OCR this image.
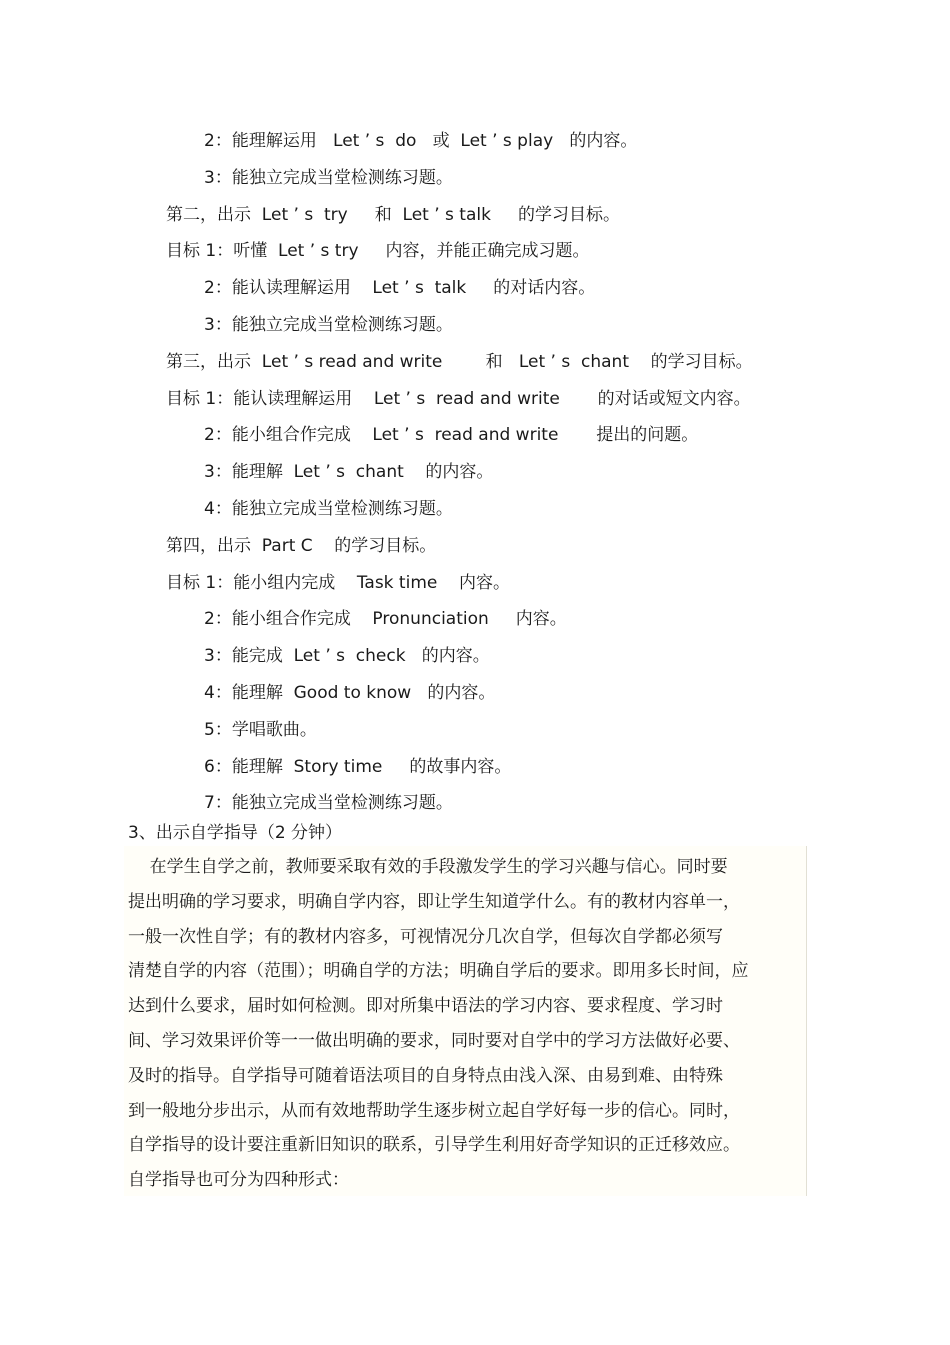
2：能理解运用   Let ’ s  do   或  Let ’ s play   的内容。

3：能独立完成当堂检测练习题。

第二，出示  Let ’ s  try     和  Let ’ s talk     的学习目标。

目标 1：听懂  Let ’ s try     内容，并能正确完成习题。

2：能认读理解运用    Let ’ s  talk     的对话内容。

3：能独立完成当堂检测练习题。

第三，出示  Let ’ s read and write        和   Let ’ s  chant    的学习目标。

目标 1：能认读理解运用    Let ’ s  read and write       的对话或短文内容。

2：能小组合作完成    Let ’ s  read and write       提出的问题。

3：能理解  Let ’ s  chant    的内容。

4：能独立完成当堂检测练习题。

第四，出示  Part C    的学习目标。

目标 1：能小组内完成    Task time    内容。

2：能小组合作完成    Pronunciation     内容。

3：能完成  Let ’ s  check   的内容。

4：能理解  Good to know   的内容。

5：学唱歌曲。

6：能理解  Story time     的故事内容。

7：能独立完成当堂检测练习题。

3、出示自学指导（2 分钟）

在学生自学之前，教师要采取有效的手段激发学生的学习兴趣与信心。同时要

提出明确的学习要求，明确自学内容，即让学生知道学什么。有的教材内容单一，

一般一次性自学；有的教材内容多，可视情况分几次自学，但每次自学都必须写

清楚自学的内容（范围）；明确自学的方法；明确自学后的要求。即用多长时间，应

达到什么要求，届时如何检测。即对所集中语法的学习内容、要求程度、学习时

间、学习效果评价等一一做出明确的要求，同时要对自学中的学习方法做好必要、

及时的指导。自学指导可随着语法项目的自身特点由浅入深、由易到难、由特殊

到一般地分步出示，从而有效地帮助学生逐步树立起自学好每一步的信心。同时，

自学指导的设计要注重新旧知识的联系，引导学生利用好奇学知识的正迁移效应。

自学指导也可分为四种形式：
